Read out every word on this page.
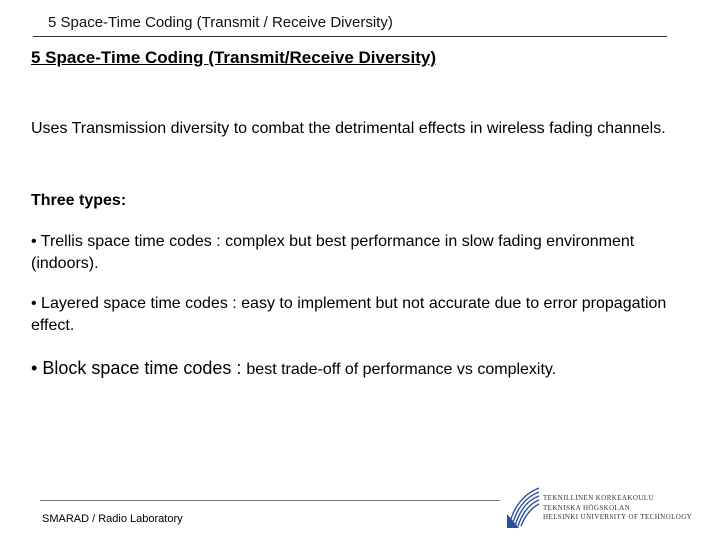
5 Space-Time Coding (Transmit / Receive Diversity)
5 Space-Time Coding (Transmit/Receive Diversity)
Uses Transmission diversity to combat the detrimental effects in wireless fading channels.
Three types:
• Trellis space time codes : complex but best performance in slow fading environment (indoors).
• Layered space time codes : easy to implement but not accurate due to error propagation effect.
• Block space time codes : best trade-off of performance vs complexity.
SMARAD / Radio Laboratory
TEKNILLINEN KORKEAKOULU
TEKNISKA HÖGSKOLAN
HELSINKI UNIVERSITY OF TECHNOLOGY
